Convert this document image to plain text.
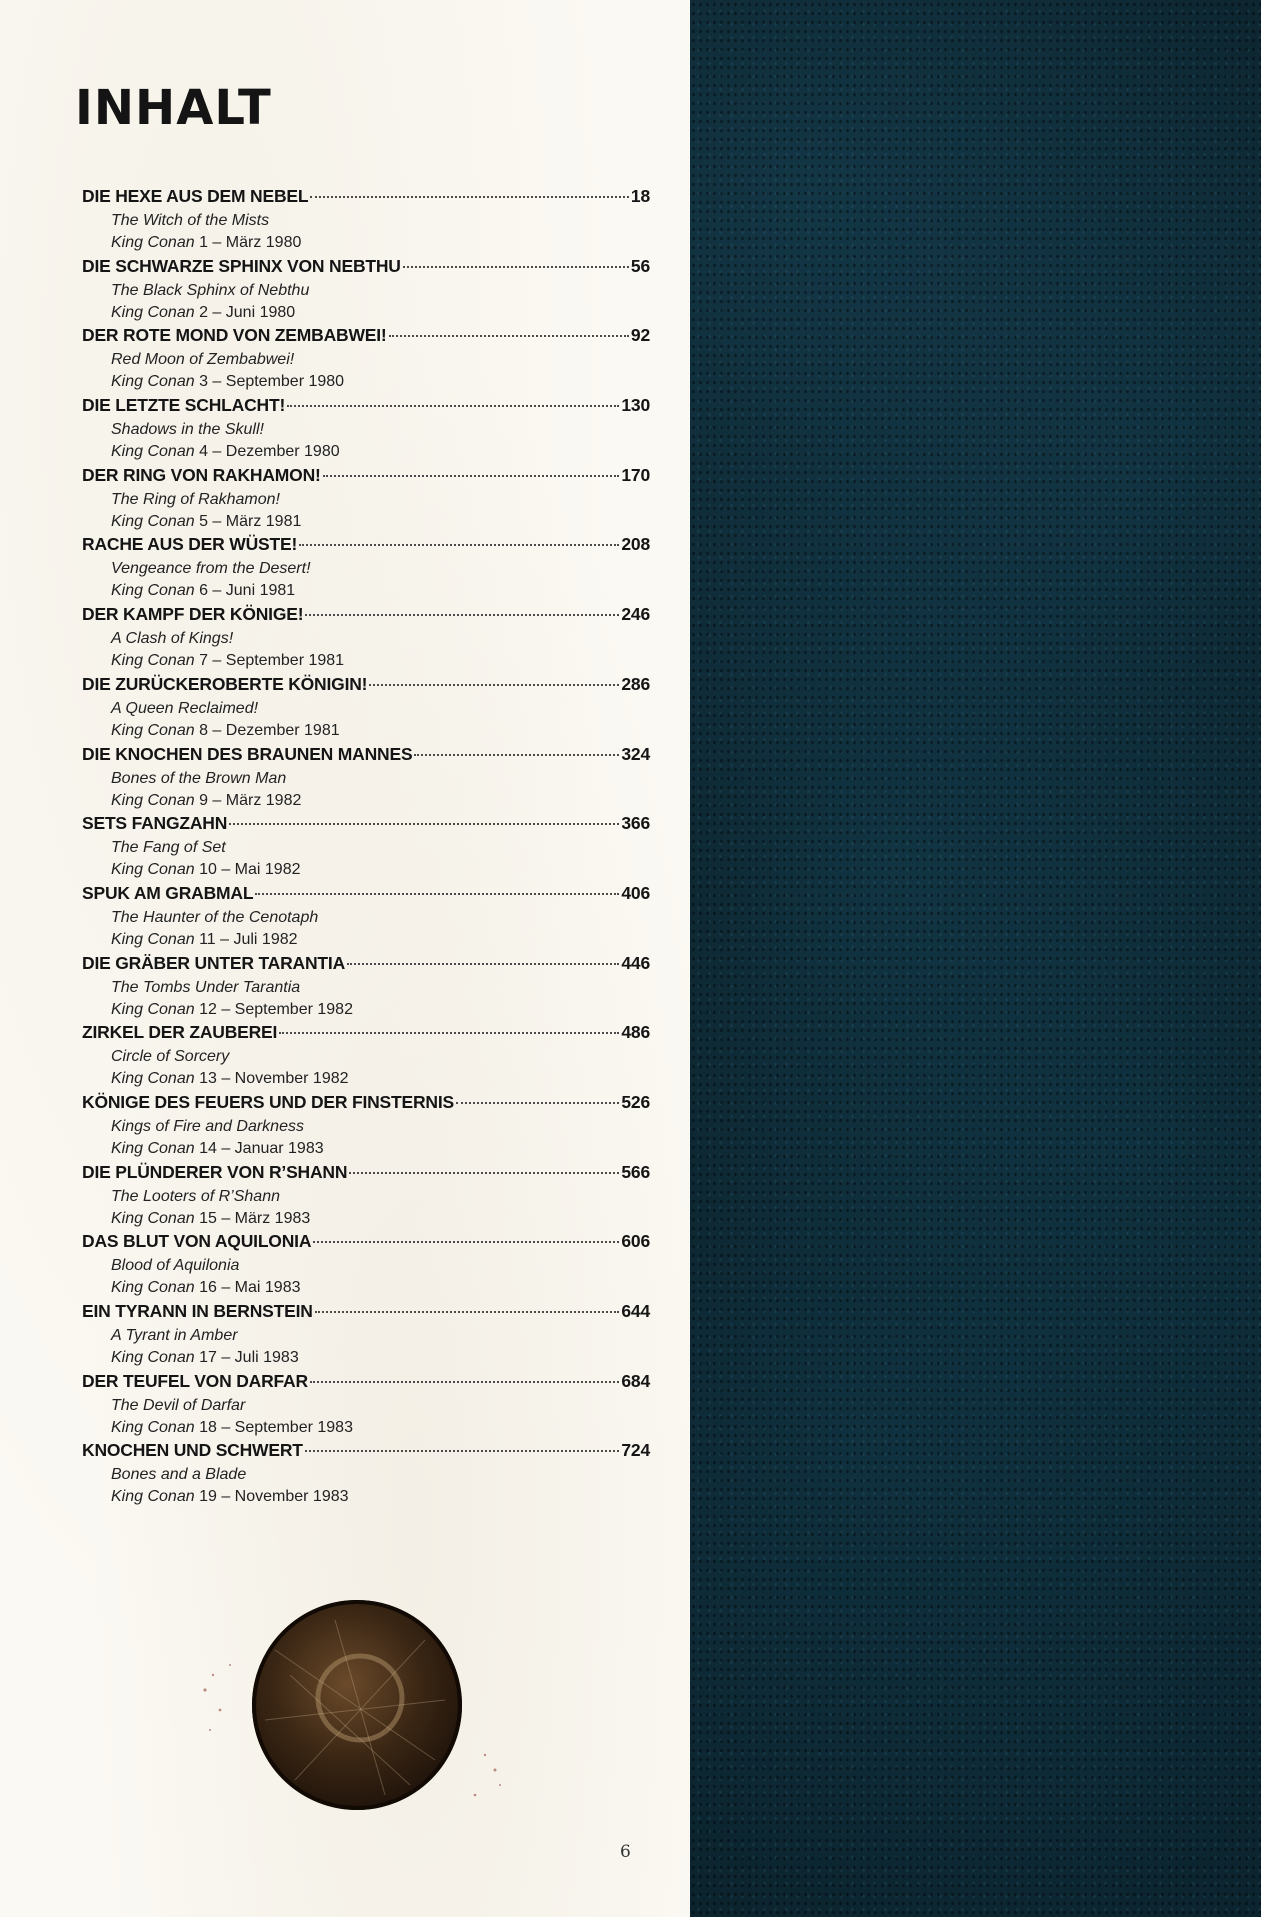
INHALT
DIE HEXE AUS DEM NEBEL	18
The Witch of the Mists
King Conan 1 – März 1980
DIE SCHWARZE SPHINX VON NEBTHU	56
The Black Sphinx of Nebthu
King Conan 2 – Juni 1980
DER ROTE MOND VON ZEMBABWEI!	92
Red Moon of Zembabwei!
King Conan 3 – September 1980
DIE LETZTE SCHLACHT!	130
Shadows in the Skull!
King Conan 4 – Dezember 1980
DER RING VON RAKHAMON!	170
The Ring of Rakhamon!
King Conan 5 – März 1981
RACHE AUS DER WÜSTE!	208
Vengeance from the Desert!
King Conan 6 – Juni 1981
DER KAMPF DER KÖNIGE!	246
A Clash of Kings!
King Conan 7 – September 1981
DIE ZURÜCKEROBERTE KÖNIGIN!	286
A Queen Reclaimed!
King Conan 8 – Dezember 1981
DIE KNOCHEN DES BRAUNEN MANNES	324
Bones of the Brown Man
King Conan 9 – März 1982
SETS FANGZAHN	366
The Fang of Set
King Conan 10 – Mai 1982
SPUK AM GRABMAL	406
The Haunter of the Cenotaph
King Conan 11 – Juli 1982
DIE GRÄBER UNTER TARANTIA	446
The Tombs Under Tarantia
King Conan 12 – September 1982
ZIRKEL DER ZAUBEREI	486
Circle of Sorcery
King Conan 13 – November 1982
KÖNIGE DES FEUERS UND DER FINSTERNIS	526
Kings of Fire and Darkness
King Conan 14 – Januar 1983
DIE PLÜNDERER VON R’SHANN	566
The Looters of R’Shann
King Conan 15 – März 1983
DAS BLUT VON AQUILONIA	606
Blood of Aquilonia
King Conan 16 – Mai 1983
EIN TYRANN IN BERNSTEIN	644
A Tyrant in Amber
King Conan 17 – Juli 1983
DER TEUFEL VON DARFAR	684
The Devil of Darfar
King Conan 18 – September 1983
KNOCHEN UND SCHWERT	724
Bones and a Blade
King Conan 19 – November 1983
6
